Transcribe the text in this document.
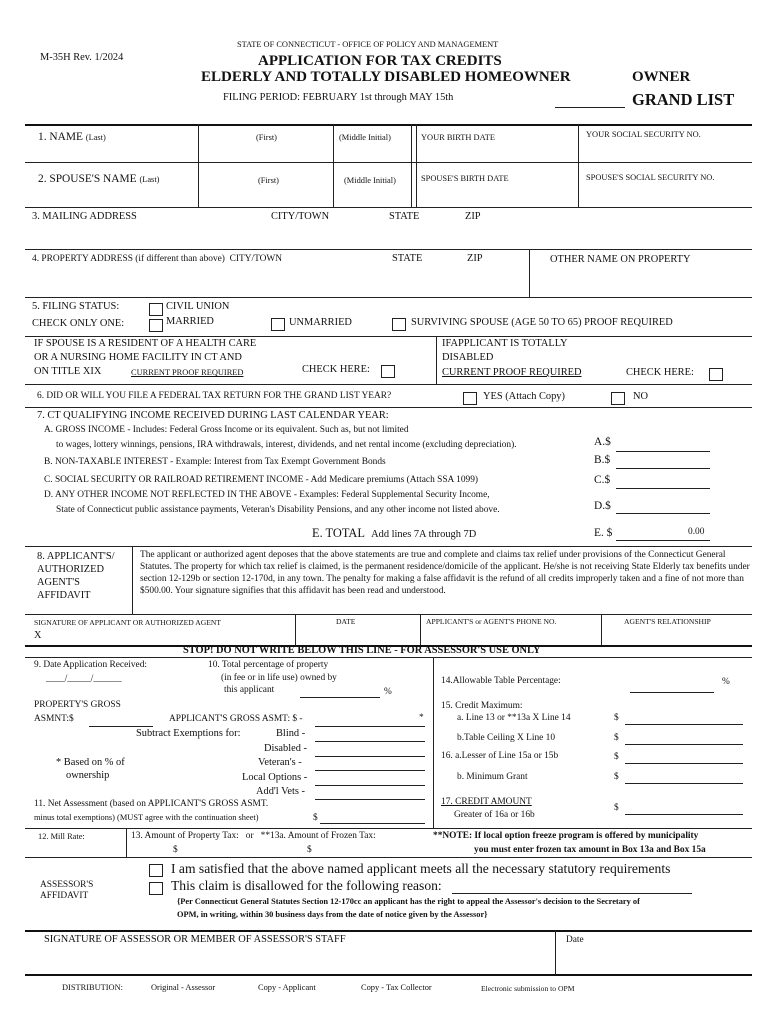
M-35H Rev. 1/2024
STATE OF CONNECTICUT - OFFICE OF POLICY AND MANAGEMENT
APPLICATION FOR TAX CREDITS
ELDERLY AND TOTALLY DISABLED HOMEOWNER
FILING PERIOD: FEBRUARY 1st through MAY 15th
OWNER
GRAND LIST
1. NAME (Last)	(First)	(Middle Initial)	YOUR BIRTH DATE	YOUR SOCIAL SECURITY NO.
2. SPOUSE'S NAME (Last)	(First)	(Middle Initial)	SPOUSE'S BIRTH DATE	SPOUSE'S SOCIAL SECURITY NO.
3. MAILING ADDRESS	CITY/TOWN	STATE	ZIP
4. PROPERTY ADDRESS (if different than above) CITY/TOWN	STATE	ZIP	OTHER NAME ON PROPERTY
5. FILING STATUS:
CHECK ONLY ONE:
CIVIL UNION
MARRIED	UNMARRIED	SURVIVING SPOUSE (AGE 50 TO 65) PROOF REQUIRED
IF SPOUSE IS A RESIDENT OF A HEALTH CARE
OR A NURSING HOME FACILITY IN CT AND
ON TITLE XIX	CURRENT PROOF REQUIRED	CHECK HERE:
IFAPPLICANT IS TOTALLY
DISABLED
CURRENT PROOF REQUIRED	CHECK HERE:
6. DID OR WILL YOU FILE A FEDERAL TAX RETURN FOR THE GRAND LIST YEAR?	YES (Attach Copy)	NO
7. CT QUALIFYING INCOME RECEIVED DURING LAST CALENDAR YEAR:
A. GROSS INCOME - Includes: Federal Gross Income or its equivalent. Such as, but not limited
to wages, lottery winnings, pensions, IRA withdrawals, interest, dividends, and net rental income (excluding depreciation).
B. NON-TAXABLE INTEREST - Example: Interest from Tax Exempt Government Bonds
C. SOCIAL SECURITY OR RAILROAD RETIREMENT INCOME - Add Medicare premiums (Attach SSA 1099)
D. ANY OTHER INCOME NOT REFLECTED IN THE ABOVE - Examples: Federal Supplemental Security Income,
State of Connecticut public assistance payments, Veteran's Disability Pensions, and any other income not listed above.
A.$
B.$
C.$
D.$
E. TOTAL Add lines 7A through 7D	E. $	0.00
8. APPLICANT'S/
AUTHORIZED
AGENT'S
AFFIDAVIT
The applicant or authorized agent deposes that the above statements are true and complete and claims tax relief under provisions of the Connecticut General Statutes. The property for which tax relief is claimed, is the permanent residence/domicile of the applicant. He/she is not receiving State Elderly tax benefits under section 12-129b or section 12-170d, in any town. The penalty for making a false affidavit is the refund of all credits improperly taken and a fine of not more than $500.00. Your signature signifies that this affidavit has been read and understood.
SIGNATURE OF APPLICANT OR AUTHORIZED AGENT
X
DATE	APPLICANT'S or AGENT'S PHONE NO.	AGENT'S RELATIONSHIP
STOP! DO NOT WRITE BELOW THIS LINE - FOR ASSESSOR'S USE ONLY
9. Date Application Received:
____/_____/______
10. Total percentage of property
(in fee or in life use) owned by
this applicant	%
PROPERTY'S GROSS
ASMNT:$	APPLICANT'S GROSS ASMT: $ -	*
Subtract Exemptions for:	Blind -
Disabled -
Veteran's -
Local Options -
Add'l Vets -
* Based on % of
ownership
11. Net Assessment (based on APPLICANT'S GROSS ASMT.
minus total exemptions) (MUST agree with the continuation sheet)	$
14.Allowable Table Percentage:	%
15. Credit Maximum:
a. Line 13 or **13a X Line 14	$
b.Table Ceiling X Line 10	$
16. a.Lesser of Line 15a or 15b	$
b. Minimum Grant	$
17. CREDIT AMOUNT
Greater of 16a or 16b
$
12. Mill Rate:	13. Amount of Property Tax: or **13a. Amount of Frozen Tax:	**NOTE: If local option freeze program is offered by municipality
$	$	you must enter frozen tax amount in Box 13a and Box 15a
ASSESSOR'S
AFFIDAVIT
I am satisfied that the above named applicant meets all the necessary statutory requirements
This claim is disallowed for the following reason:
{Per Connecticut General Statutes Section 12-170cc an applicant has the right to appeal the Assessor's decision to the Secretary of
OPM, in writing, within 30 business days from the date of notice given by the Assessor}
SIGNATURE OF ASSESSOR OR MEMBER OF ASSESSOR'S STAFF	Date
DISTRIBUTION:	Original - Assessor	Copy - Applicant	Copy - Tax Collector	Electronic submission to OPM
